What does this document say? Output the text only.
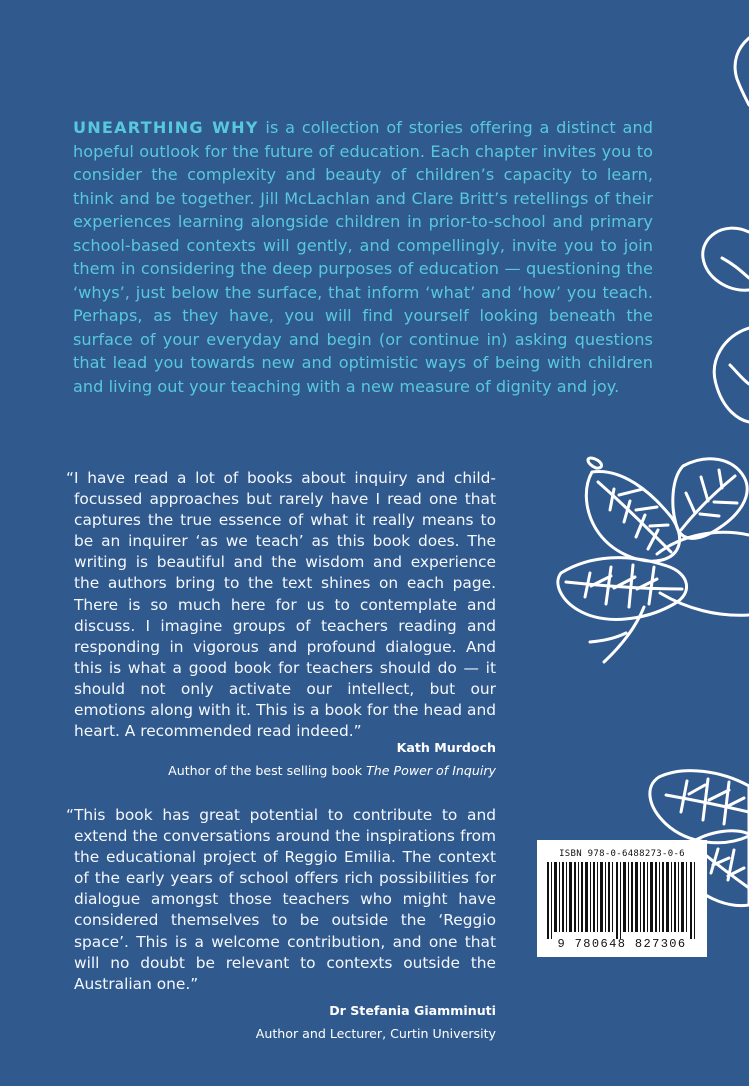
UNEARTHING WHY is a collection of stories offering a distinct and hopeful outlook for the future of education. Each chapter invites you to consider the complexity and beauty of children’s capacity to learn, think and be together. Jill McLachlan and Clare Britt’s retellings of their experiences learning alongside children in prior-to-school and primary school-based contexts will gently, and compellingly, invite you to join them in considering the deep purposes of education — questioning the ‘whys’, just below the surface, that inform ‘what’ and ‘how’ you teach. Perhaps, as they have, you will find yourself looking beneath the surface of your everyday and begin (or continue in) asking questions that lead you towards new and optimistic ways of being with children and living out your teaching with a new measure of dignity and joy.
“I have read a lot of books about inquiry and child-focussed approaches but rarely have I read one that captures the true essence of what it really means to be an inquirer ‘as we teach’ as this book does. The writing is beautiful and the wisdom and experience the authors bring to the text shines on each page. There is so much here for us to contemplate and discuss. I imagine groups of teachers reading and responding in vigorous and profound dialogue. And this is what a good book for teachers should do — it should not only activate our intellect, but our emotions along with it. This is a book for the head and heart. A recommended read indeed.”
Kath Murdoch
Author of the best selling book The Power of Inquiry
“This book has great potential to contribute to and extend the conversations around the inspirations from the educational project of Reggio Emilia. The context of the early years of school offers rich possibilities for dialogue amongst those teachers who might have considered themselves to be outside the ‘Reggio space’. This is a welcome contribution, and one that will no doubt be relevant to contexts outside the Australian one.”
Dr Stefania Giamminuti
Author and Lecturer, Curtin University
ISBN 978-0-6488273-0-6
9 780648 827306
